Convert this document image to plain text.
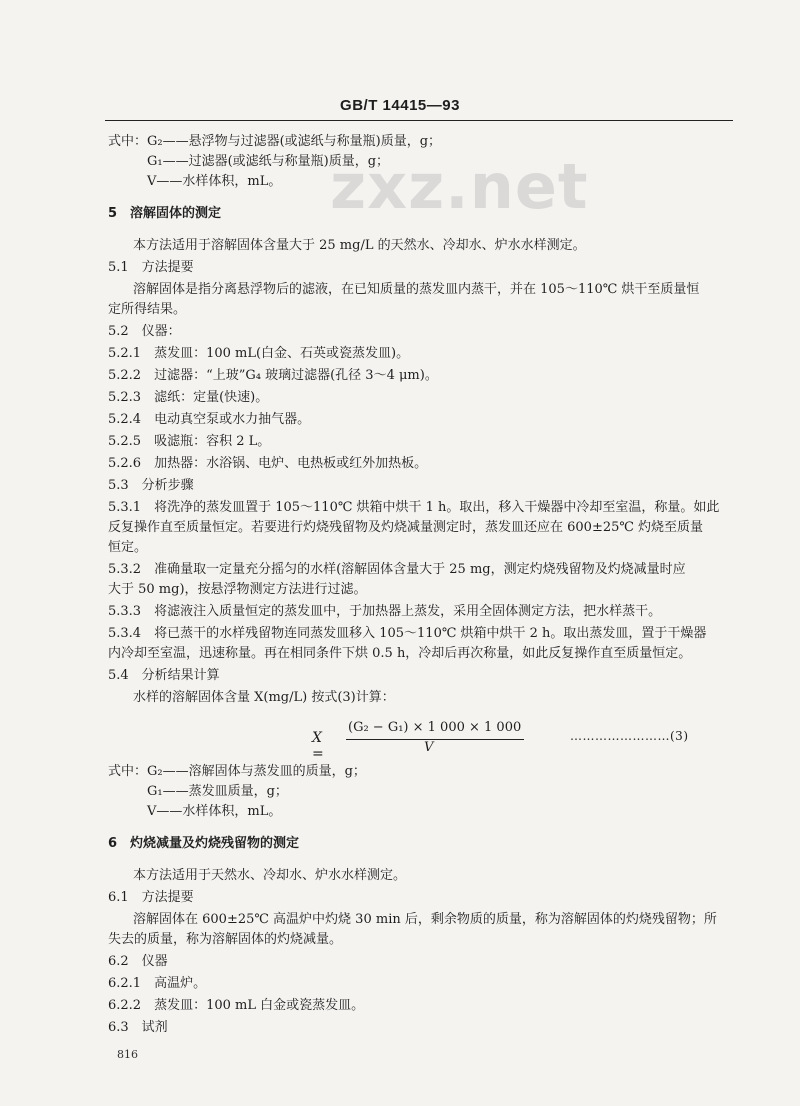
zxz.net
GB/T 14415—93
式中：G₂——悬浮物与过滤器(或滤纸与称量瓶)质量，g；
G₁——过滤器(或滤纸与称量瓶)质量，g；
V——水样体积，mL。
5　溶解固体的测定
本方法适用于溶解固体含量大于 25 mg/L 的天然水、冷却水、炉水水样测定。
5.1　方法提要
溶解固体是指分离悬浮物后的滤液，在已知质量的蒸发皿内蒸干，并在 105～110℃ 烘干至质量恒
定所得结果。
5.2　仪器：
5.2.1　蒸发皿：100 mL(白金、石英或瓷蒸发皿)。
5.2.2　过滤器：“上玻”G₄ 玻璃过滤器(孔径 3～4 μm)。
5.2.3　滤纸：定量(快速)。
5.2.4　电动真空泵或水力抽气器。
5.2.5　吸滤瓶：容积 2 L。
5.2.6　加热器：水浴锅、电炉、电热板或红外加热板。
5.3　分析步骤
5.3.1　将洗净的蒸发皿置于 105～110℃ 烘箱中烘干 1 h。取出，移入干燥器中冷却至室温，称量。如此
反复操作直至质量恒定。若要进行灼烧残留物及灼烧减量测定时，蒸发皿还应在 600±25℃ 灼烧至质量
恒定。
5.3.2　准确量取一定量充分摇匀的水样(溶解固体含量大于 25 mg，测定灼烧残留物及灼烧减量时应
大于 50 mg)，按悬浮物测定方法进行过滤。
5.3.3　将滤液注入质量恒定的蒸发皿中，于加热器上蒸发，采用全固体测定方法，把水样蒸干。
5.3.4　将已蒸干的水样残留物连同蒸发皿移入 105～110℃ 烘箱中烘干 2 h。取出蒸发皿，置于干燥器
内冷却至室温，迅速称量。再在相同条件下烘 0.5 h，冷却后再次称量，如此反复操作直至质量恒定。
5.4　分析结果计算
水样的溶解固体含量 X(mg/L) 按式(3)计算：
X =
(G₂ − G₁) × 1 000 × 1 000
V
……………………(3)
式中：G₂——溶解固体与蒸发皿的质量，g；
G₁——蒸发皿质量，g；
V——水样体积，mL。
6　灼烧减量及灼烧残留物的测定
本方法适用于天然水、冷却水、炉水水样测定。
6.1　方法提要
溶解固体在 600±25℃ 高温炉中灼烧 30 min 后，剩余物质的质量，称为溶解固体的灼烧残留物；所
失去的质量，称为溶解固体的灼烧减量。
6.2　仪器
6.2.1　高温炉。
6.2.2　蒸发皿：100 mL 白金或瓷蒸发皿。
6.3　试剂
816
